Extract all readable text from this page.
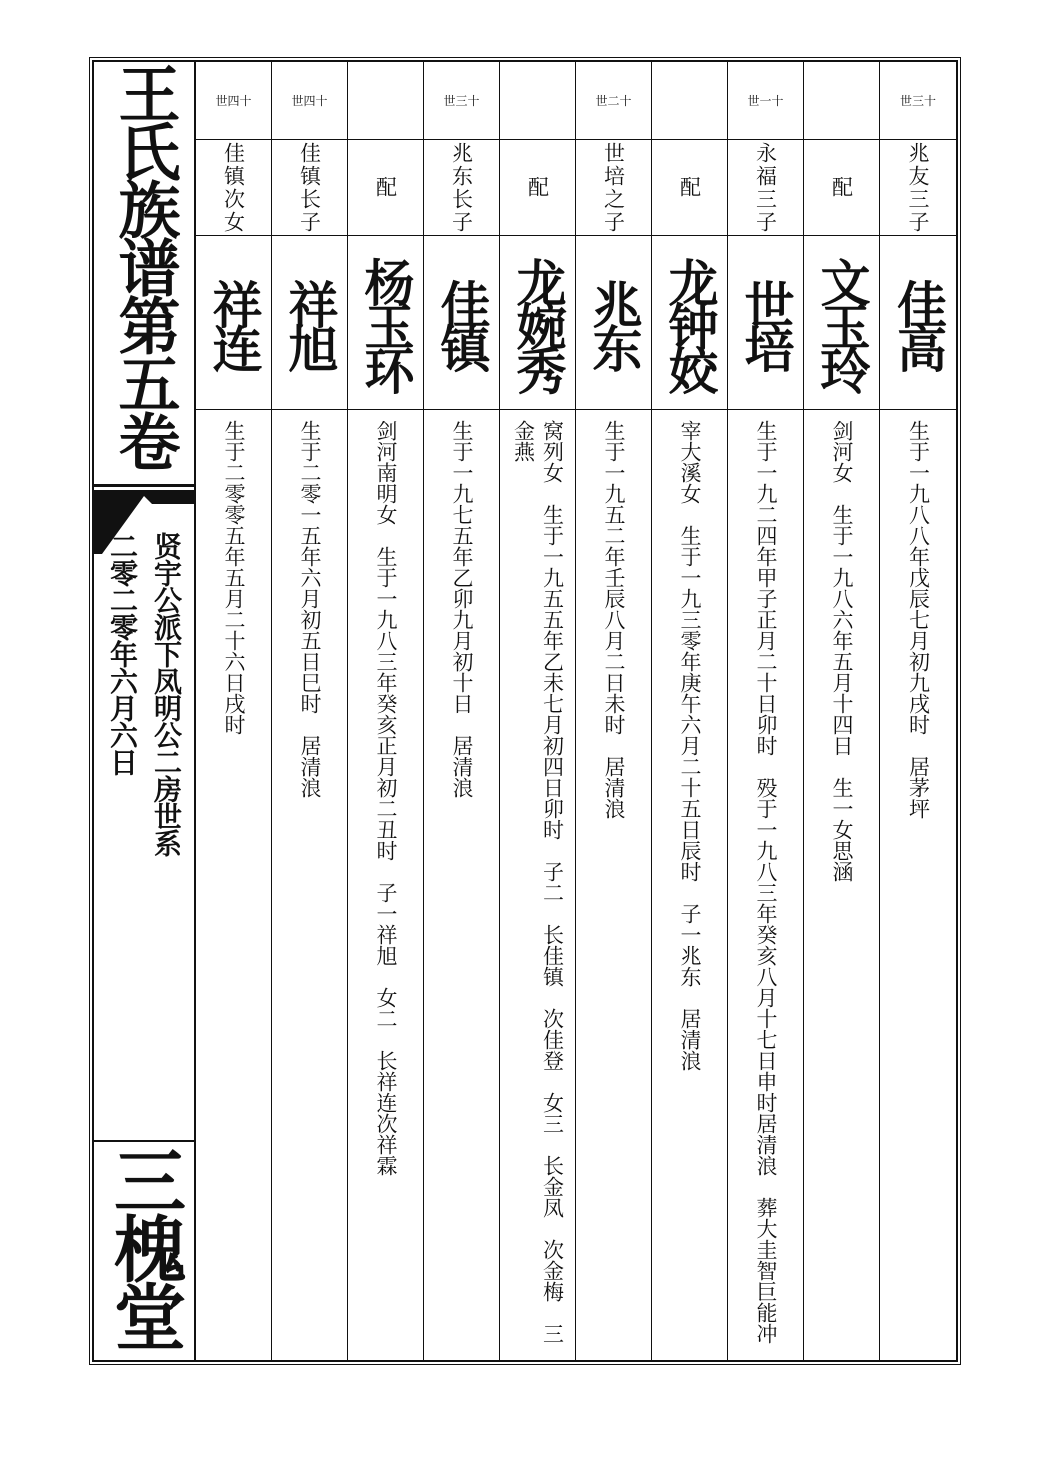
王氏族谱第五卷
贤宇公派下凤明公二房世系
二零二零年六月六日
三槐堂
世四十
佳镇次女
祥连
生于二零零五年五月二十六日戌时
世四十
佳镇长子
祥旭
生于二零一五年六月初五日巳时　居清浪
配
杨玉环
剑河南明女　生于一九八三年癸亥正月初二丑时　子一祥旭　女二　长祥连次祥霖
世三十
兆东长子
佳镇
生于一九七五年乙卯九月初十日　居清浪
配
龙婉秀
窝列女　生于一九五五年乙未七月初四日卯时　子二　长佳镇　次佳登　女三　长金凤　次金梅　三金燕
世二十
世培之子
兆东
生于一九五二年壬辰八月二日未时　居清浪
配
龙钟姣
宰大溪女　生于一九三零年庚午六月二十五日辰时　子一兆东　居清浪
世一十
永福三子
世培
生于一九二四年甲子正月二十日卯时　殁于一九八三年癸亥八月十七日申时居清浪　葬大圭智巨能冲
配
文玉玲
剑河女　生于一九八六年五月十四日　生一女思涵
世三十
兆友三子
佳高
生于一九八八年戊辰七月初九戌时　居茅坪
